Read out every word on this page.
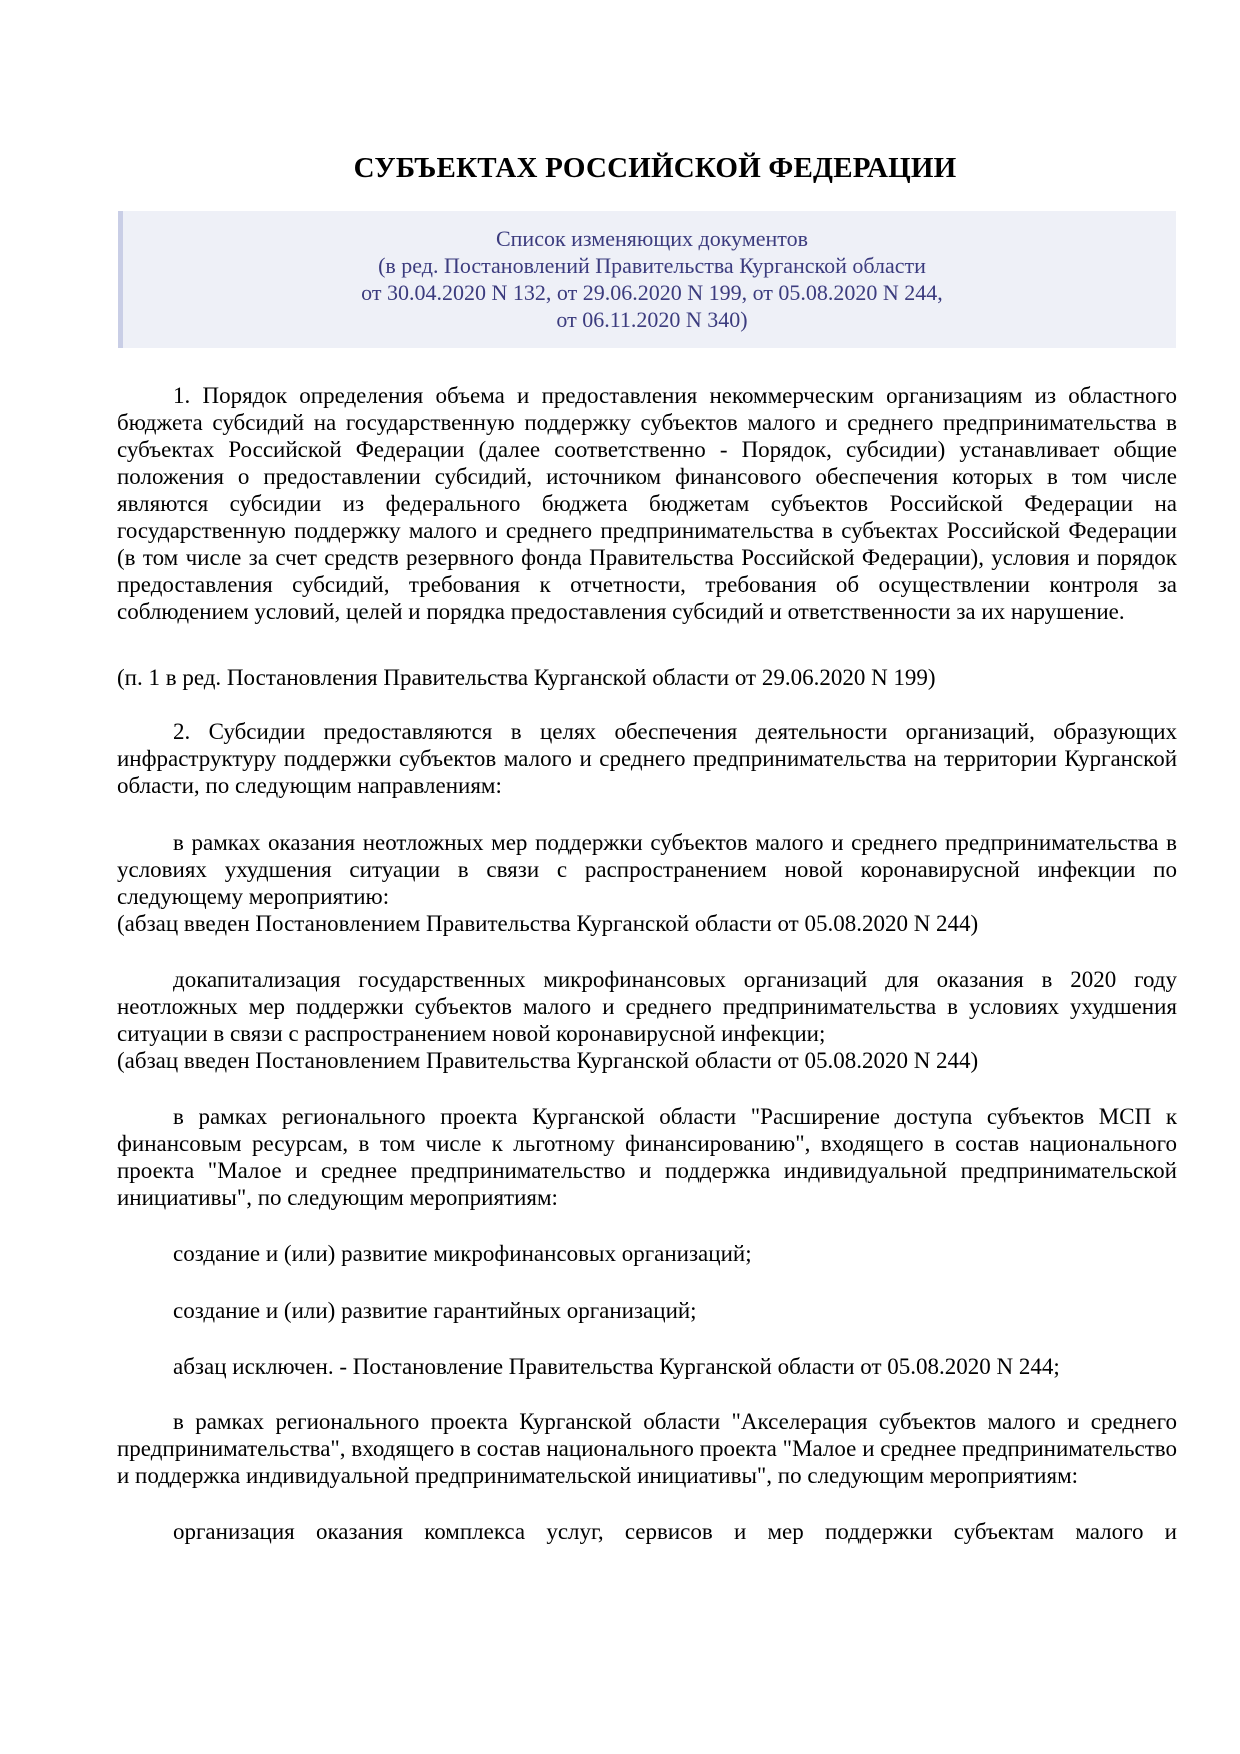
СУБЪЕКТАХ РОССИЙСКОЙ ФЕДЕРАЦИИ
Список изменяющих документов
(в ред. Постановлений Правительства Курганской области
от 30.04.2020 N 132, от 29.06.2020 N 199, от 05.08.2020 N 244,
от 06.11.2020 N 340)

1. Порядок определения объема и предоставления некоммерческим организациям из областного бюджета субсидий на государственную поддержку субъектов малого и среднего предпринимательства в субъектах Российской Федерации (далее соответственно - Порядок, субсидии) устанавливает общие положения о предоставлении субсидий, источником финансового обеспечения которых в том числе являются субсидии из федерального бюджета бюджетам субъектов Российской Федерации на государственную поддержку малого и среднего предпринимательства в субъектах Российской Федерации (в том числе за счет средств резервного фонда Правительства Российской Федерации), условия и порядок предоставления субсидий, требования к отчетности, требования об осуществлении контроля за соблюдением условий, целей и порядка предоставления субсидий и ответственности за их нарушение.

(п. 1 в ред. Постановления Правительства Курганской области от 29.06.2020 N 199)

2. Субсидии предоставляются в целях обеспечения деятельности организаций, образующих инфраструктуру поддержки субъектов малого и среднего предпринимательства на территории Курганской области, по следующим направлениям:

в рамках оказания неотложных мер поддержки субъектов малого и среднего предпринимательства в условиях ухудшения ситуации в связи с распространением новой коронавирусной инфекции по следующему мероприятию:

(абзац введен Постановлением Правительства Курганской области от 05.08.2020 N 244)

докапитализация государственных микрофинансовых организаций для оказания в 2020 году неотложных мер поддержки субъектов малого и среднего предпринимательства в условиях ухудшения ситуации в связи с распространением новой коронавирусной инфекции;

(абзац введен Постановлением Правительства Курганской области от 05.08.2020 N 244)

в рамках регионального проекта Курганской области "Расширение доступа субъектов МСП к финансовым ресурсам, в том числе к льготному финансированию", входящего в состав национального проекта "Малое и среднее предпринимательство и поддержка индивидуальной предпринимательской инициативы", по следующим мероприятиям:

создание и (или) развитие микрофинансовых организаций;
создание и (или) развитие гарантийных организаций;
абзац исключен. - Постановление Правительства Курганской области от 05.08.2020 N 244;

в рамках регионального проекта Курганской области "Акселерация субъектов малого и среднего предпринимательства", входящего в состав национального проекта "Малое и среднее предпринимательство и поддержка индивидуальной предпринимательской инициативы", по следующим мероприятиям:

организация оказания комплекса услуг, сервисов и мер поддержки субъектам малого и
